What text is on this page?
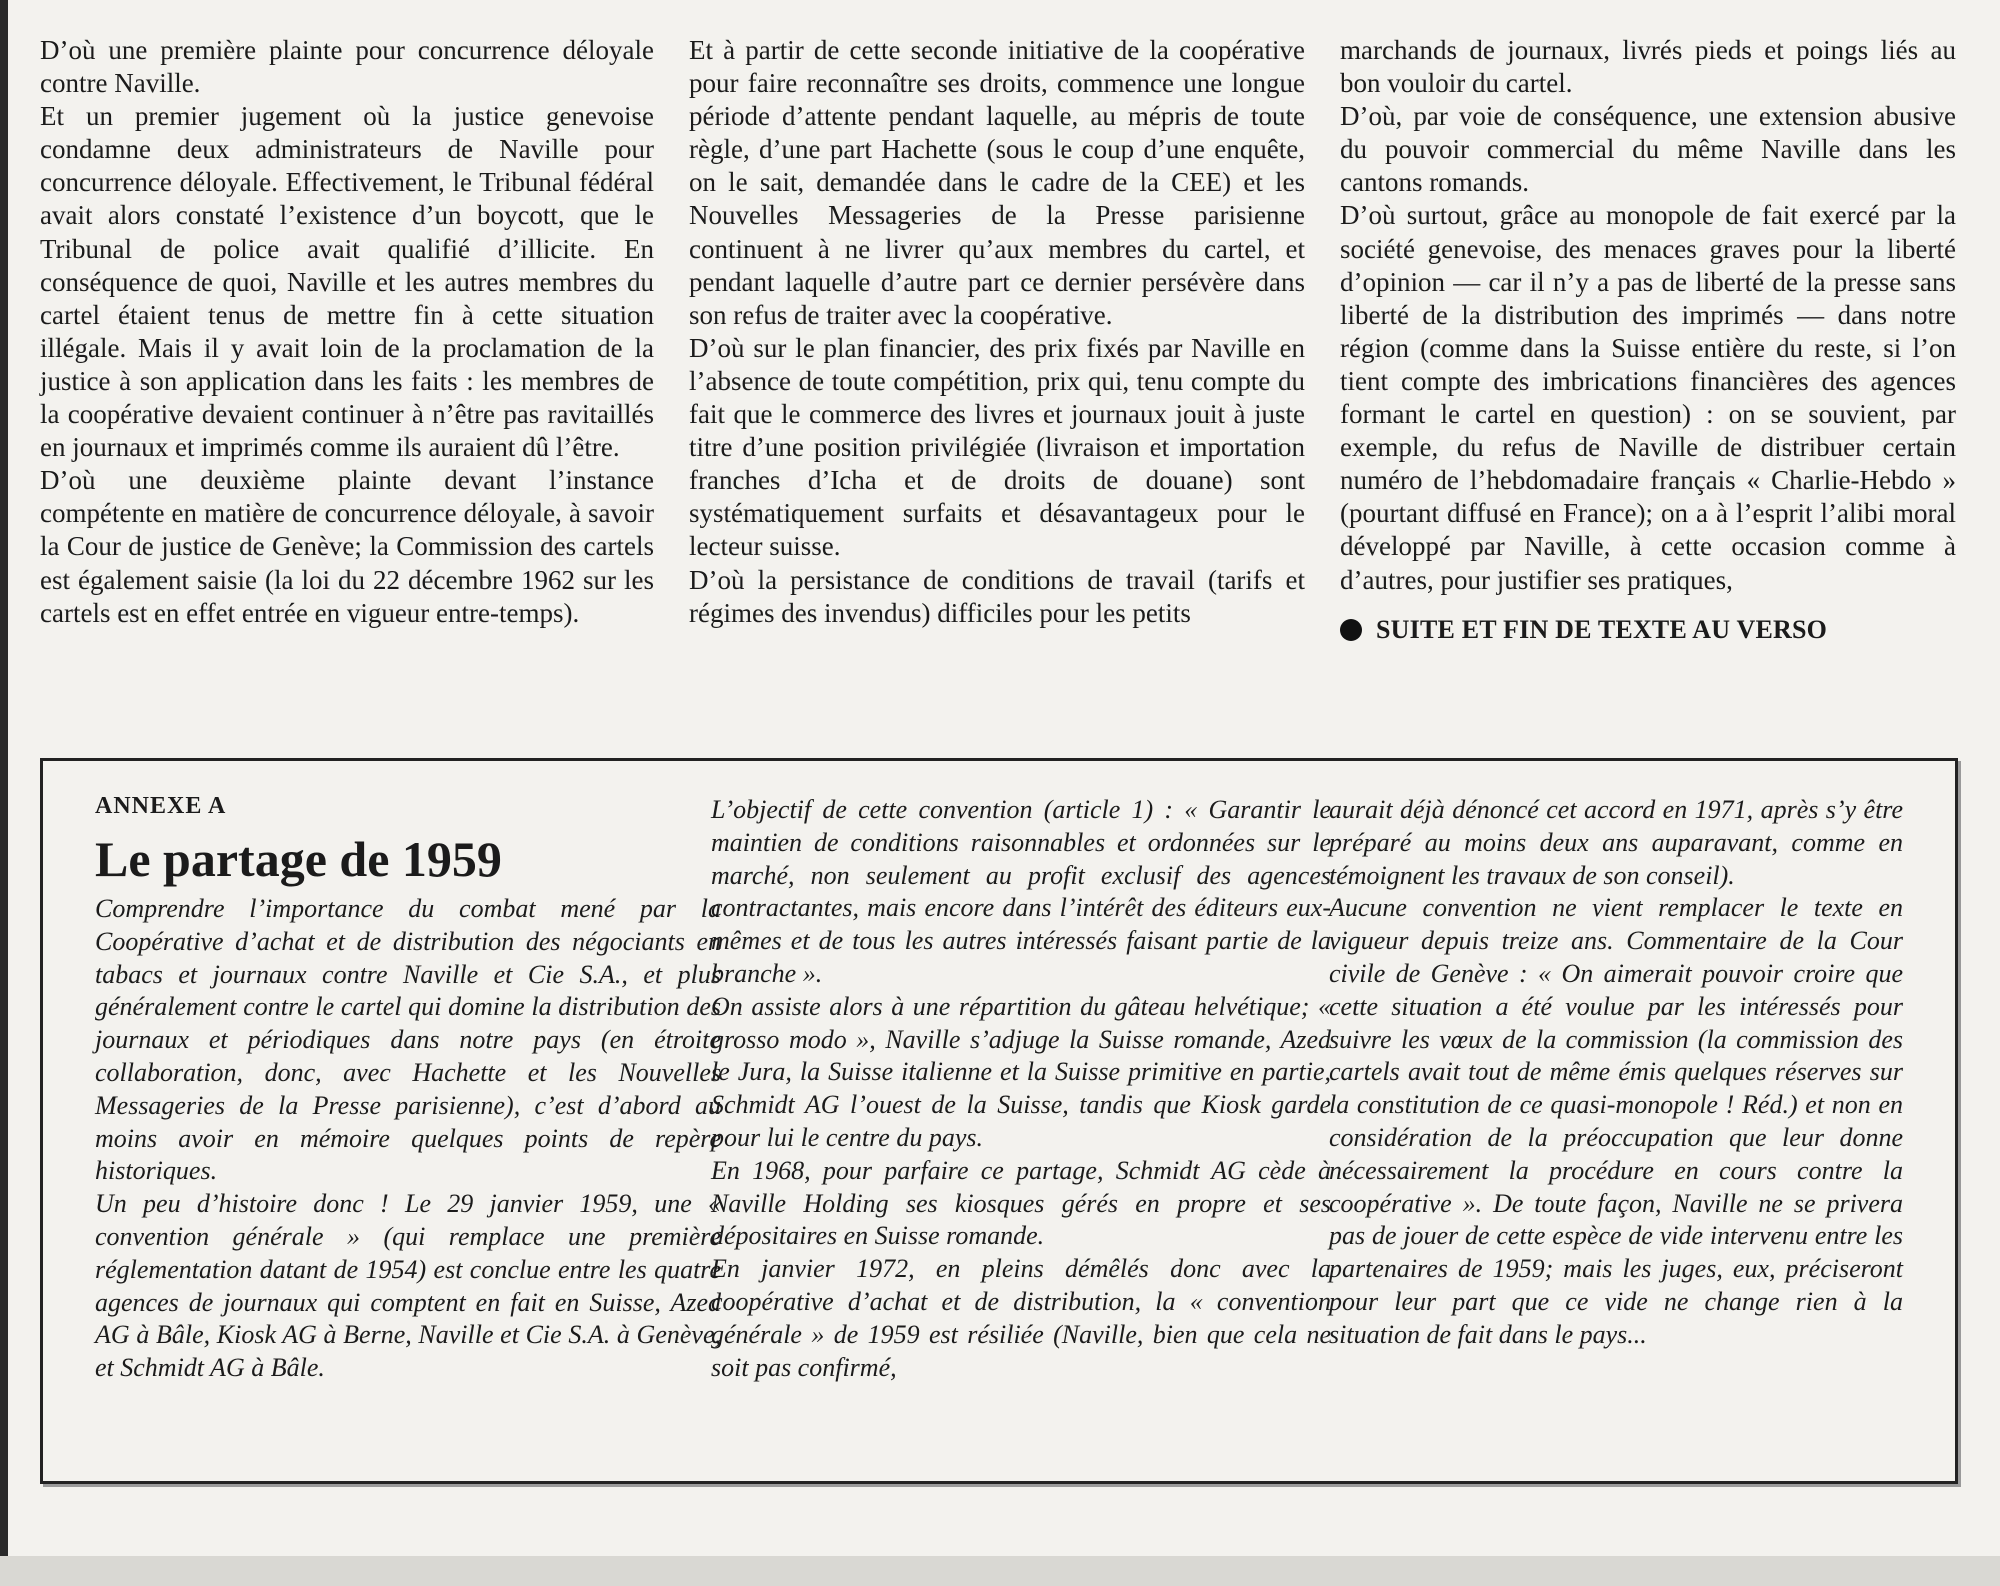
D’où une première plainte pour concurrence déloyale contre Naville.

Et un premier jugement où la justice genevoise condamne deux administrateurs de Naville pour concurrence déloyale. Effectivement, le Tribunal fédéral avait alors constaté l’existence d’un boycott, que le Tribunal de police avait qualifié d’illicite. En conséquence de quoi, Naville et les autres membres du cartel étaient tenus de mettre fin à cette situation illégale. Mais il y avait loin de la proclamation de la justice à son application dans les faits : les membres de la coopérative devaient continuer à n’être pas ravitaillés en journaux et imprimés comme ils auraient dû l’être.

D’où une deuxième plainte devant l’instance compétente en matière de concurrence déloyale, à savoir la Cour de justice de Genève; la Commission des cartels est également saisie (la loi du 22 décembre 1962 sur les cartels est en effet entrée en vigueur entre-temps).

Et à partir de cette seconde initiative de la coopérative pour faire reconnaître ses droits, commence une longue période d’attente pendant laquelle, au mépris de toute règle, d’une part Hachette (sous le coup d’une enquête, on le sait, demandée dans le cadre de la CEE) et les Nouvelles Messageries de la Presse parisienne continuent à ne livrer qu’aux membres du cartel, et pendant laquelle d’autre part ce dernier persévère dans son refus de traiter avec la coopérative.

D’où sur le plan financier, des prix fixés par Naville en l’absence de toute compétition, prix qui, tenu compte du fait que le commerce des livres et journaux jouit à juste titre d’une position privilégiée (livraison et importation franches d’Icha et de droits de douane) sont systématiquement surfaits et désavantageux pour le lecteur suisse.

D’où la persistance de conditions de travail (tarifs et régimes des invendus) difficiles pour les petits

marchands de journaux, livrés pieds et poings liés au bon vouloir du cartel.

D’où, par voie de conséquence, une extension abusive du pouvoir commercial du même Naville dans les cantons romands.

D’où surtout, grâce au monopole de fait exercé par la société genevoise, des menaces graves pour la liberté d’opinion — car il n’y a pas de liberté de la presse sans liberté de la distribution des imprimés — dans notre région (comme dans la Suisse entière du reste, si l’on tient compte des imbrications financières des agences formant le cartel en question) : on se souvient, par exemple, du refus de Naville de distribuer certain numéro de l’hebdomadaire français « Charlie-Hebdo » (pourtant diffusé en France); on a à l’esprit l’alibi moral développé par Naville, à cette occasion comme à d’autres, pour justifier ses pratiques,

SUITE ET FIN DE TEXTE AU VERSO

ANNEXE A

Le partage de 1959

Comprendre l’importance du combat mené par la Coopérative d’achat et de distribution des négociants en tabacs et journaux contre Naville et Cie S.A., et plus généralement contre le cartel qui domine la distribution des journaux et périodiques dans notre pays (en étroite collaboration, donc, avec Hachette et les Nouvelles Messageries de la Presse parisienne), c’est d’abord au moins avoir en mémoire quelques points de repère historiques.

Un peu d’histoire donc ! Le 29 janvier 1959, une « convention générale » (qui remplace une première réglementation datant de 1954) est conclue entre les quatre agences de journaux qui comptent en fait en Suisse, Azed AG à Bâle, Kiosk AG à Berne, Naville et Cie S.A. à Genève, et Schmidt AG à Bâle.

L’objectif de cette convention (article 1) : « Garantir le maintien de conditions raisonnables et ordonnées sur le marché, non seulement au profit exclusif des agences contractantes, mais encore dans l’intérêt des éditeurs eux-mêmes et de tous les autres intéressés faisant partie de la branche ».

On assiste alors à une répartition du gâteau helvétique; « grosso modo », Naville s’adjuge la Suisse romande, Azed le Jura, la Suisse italienne et la Suisse primitive en partie, Schmidt AG l’ouest de la Suisse, tandis que Kiosk garde pour lui le centre du pays.

En 1968, pour parfaire ce partage, Schmidt AG cède à Naville Holding ses kiosques gérés en propre et ses dépositaires en Suisse romande.

En janvier 1972, en pleins démêlés donc avec la coopérative d’achat et de distribution, la « convention générale » de 1959 est résiliée (Naville, bien que cela ne soit pas confirmé,

aurait déjà dénoncé cet accord en 1971, après s’y être préparé au moins deux ans auparavant, comme en témoignent les travaux de son conseil).

Aucune convention ne vient remplacer le texte en vigueur depuis treize ans. Commentaire de la Cour civile de Genève : « On aimerait pouvoir croire que cette situation a été voulue par les intéressés pour suivre les vœux de la commission (la commission des cartels avait tout de même émis quelques réserves sur la constitution de ce quasi-monopole ! Réd.) et non en considération de la préoccupation que leur donne nécessairement la procédure en cours contre la coopérative ». De toute façon, Naville ne se privera pas de jouer de cette espèce de vide intervenu entre les partenaires de 1959; mais les juges, eux, préciseront pour leur part que ce vide ne change rien à la situation de fait dans le pays...
